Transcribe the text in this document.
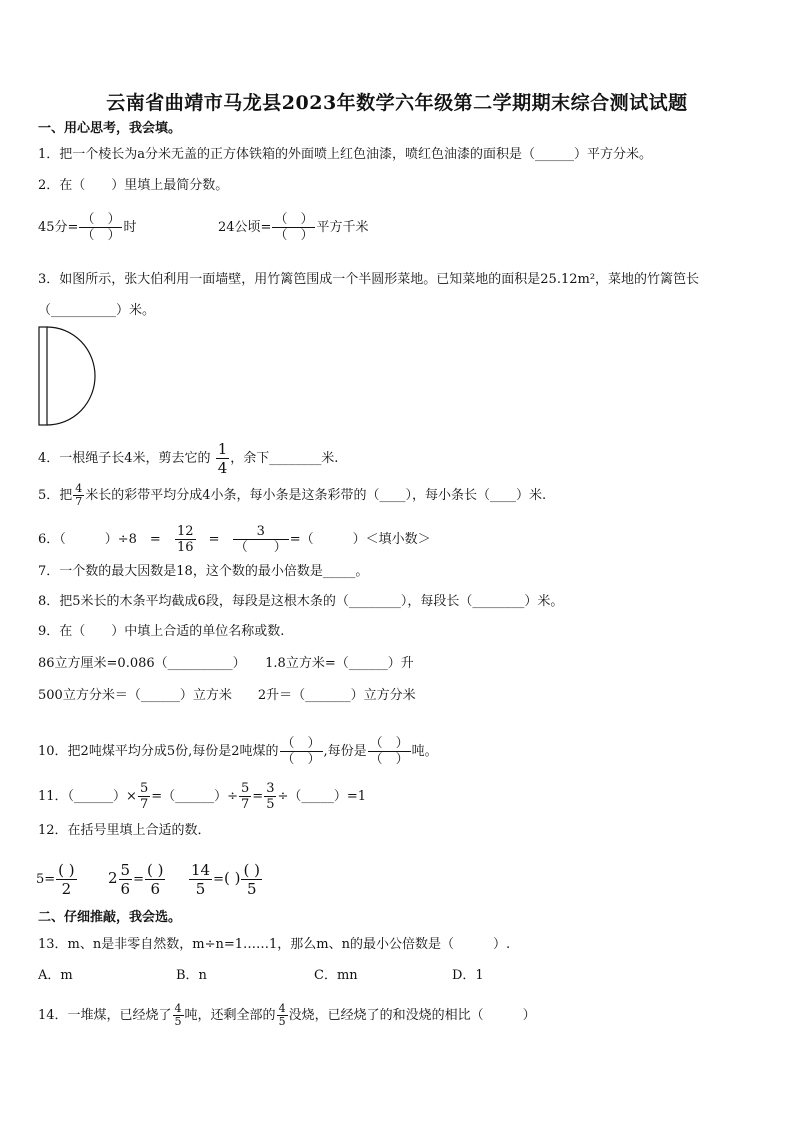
云南省曲靖市马龙县2023年数学六年级第二学期期末综合测试试题
一、用心思考，我会填。
1．把一个棱长为a分米无盖的正方体铁箱的外面喷上红色油漆，喷红色油漆的面积是（______）平方分米。
2．在（　　）里填上最简分数。
45分= $\frac{( )}{( )}$ 时	24公顷= $\frac{( )}{( )}$ 平方千米
3．如图所示，张大伯利用一面墙壁，用竹篱笆围成一个半圆形菜地。已知菜地的面积是25.12m²，菜地的竹篱笆长
（__________）米。
4．一根绳子长4米，剪去它的 $\frac{1}{4}$ ，余下________米.
5．把 $\frac{4}{7}$ 米长的彩带平均分成4小条，每小条是这条彩带的（____），每小条长（____）米.
6．（　　　）÷8　= $\frac{12}{16} = \frac{3}{( )}$ =（　　　）＜填小数＞
7．一个数的最大因数是18，这个数的最小倍数是_____。
8．把5米长的木条平均截成6段，每段是这根木条的（________），每段长（________）米。
9．在（　　）中填上合适的单位名称或数.
86立方厘米=0.086（__________）　　1.8立方米=（______）升
500立方分米＝（______）立方米　　2升＝（_______）立方分米
10．把2吨煤平均分成5份,每份是2吨煤的 $\frac{( )}{( )}$ ,每份是 $\frac{( )}{( )}$ 吨。
11．（______）× $\frac{5}{7}$ =（______）÷ $\frac{5}{7} = \frac{3}{5}$ ÷（_____）=1
12．在括号里填上合适的数．
$5= \frac{( )}{2} 2 \frac{5}{6} = \frac{( )}{6} \frac{14}{5}$ =( ) $\frac{( )}{5}$
二、仔细推敲，我会选。
13．m、n是非零自然数，m÷n=1……1，那么m、n的最小公倍数是（　　　）.
A．m	B．n	C．mn	D．1
14．一堆煤，已经烧了 $\frac{4}{5}$ 吨，还剩全部的 $\frac{4}{5}$ 没烧，已经烧了的和没烧的相比（　　　）
